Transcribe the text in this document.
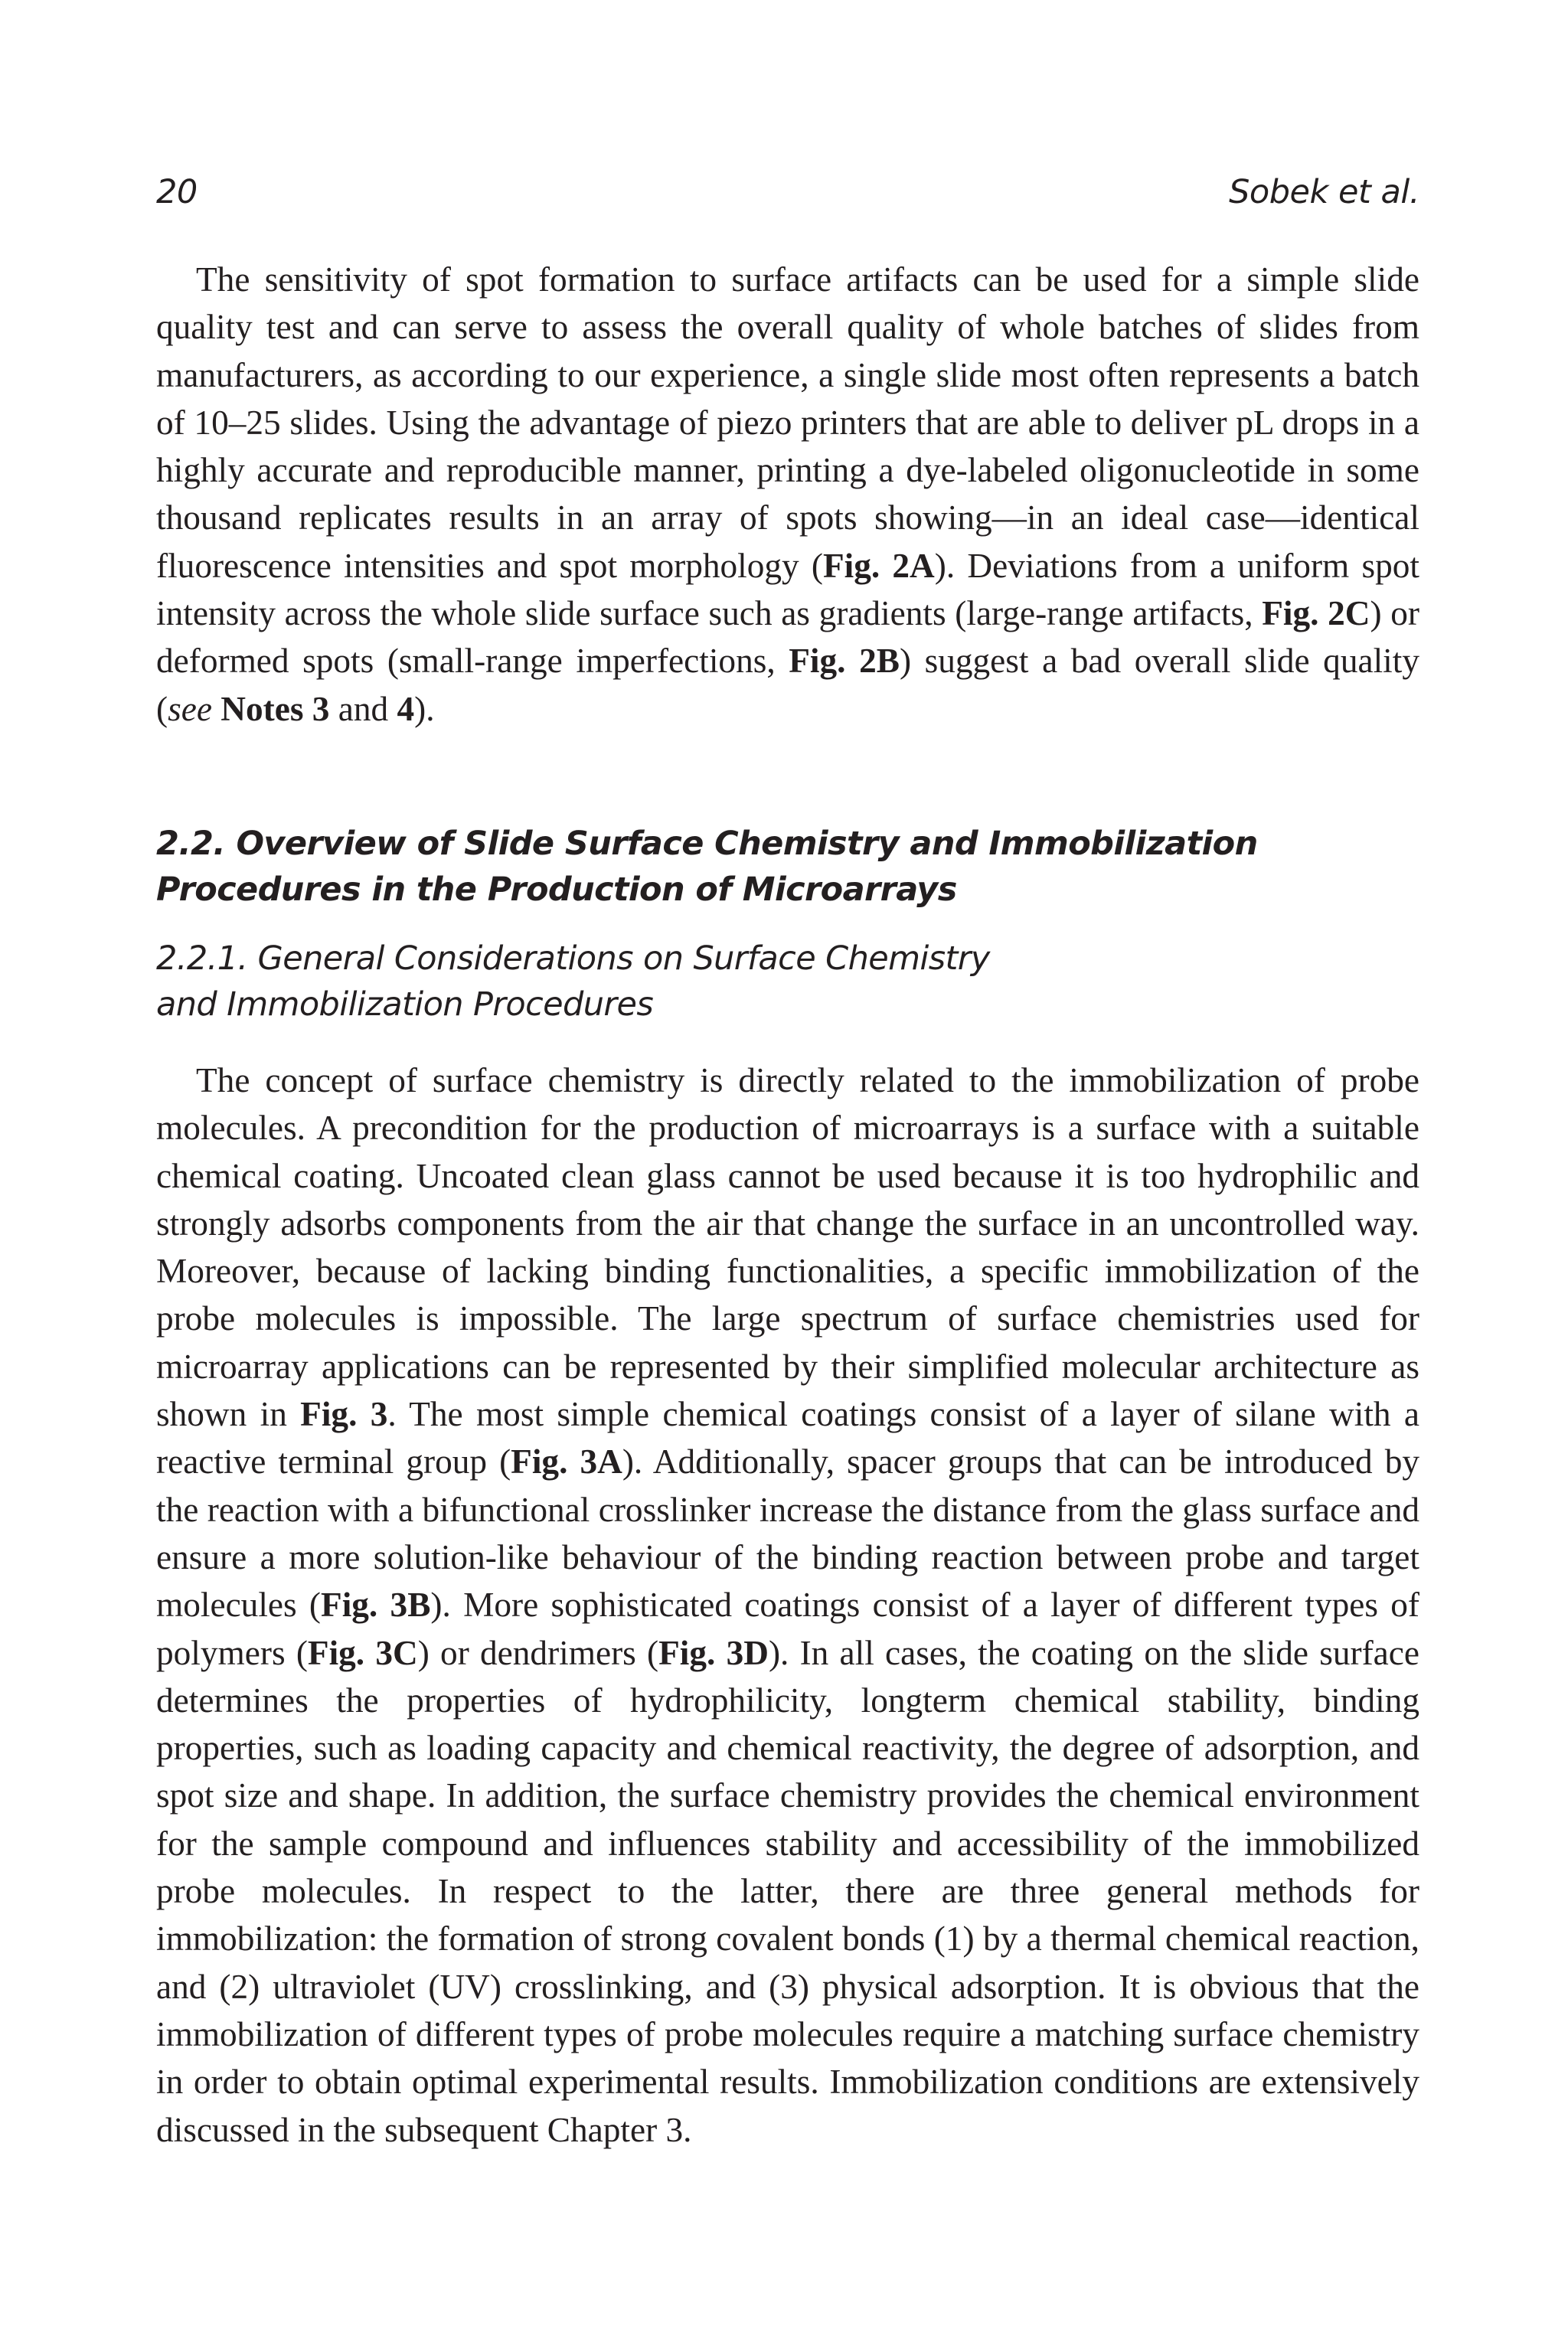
20	Sobek et al.

The sensitivity of spot formation to surface artifacts can be used for a simple slide quality test and can serve to assess the overall quality of whole batches of slides from manufacturers, as according to our experience, a single slide most often represents a batch of 10–25 slides. Using the advantage of piezo printers that are able to deliver pL drops in a highly accurate and reproducible manner, printing a dye-labeled oligonucleotide in some thousand replicates results in an array of spots showing—in an ideal case—identical fluorescence intensities and spot morphology (Fig. 2A). Deviations from a uniform spot intensity across the whole slide surface such as gradients (large-range artifacts, Fig. 2C) or deformed spots (small-range imperfections, Fig. 2B) suggest a bad overall slide quality (see Notes 3 and 4).

2.2. Overview of Slide Surface Chemistry and Immobilization
Procedures in the Production of Microarrays
2.2.1. General Considerations on Surface Chemistry
and Immobilization Procedures

The concept of surface chemistry is directly related to the immobilization of probe molecules. A precondition for the production of microarrays is a surface with a suitable chemical coating. Uncoated clean glass cannot be used because it is too hydrophilic and strongly adsorbs components from the air that change the surface in an uncontrolled way. Moreover, because of lacking binding functionalities, a specific immobilization of the probe molecules is impossible. The large spectrum of surface chemistries used for microarray applications can be represented by their simplified molecular architecture as shown in Fig. 3. The most simple chemical coatings consist of a layer of silane with a reactive terminal group (Fig. 3A). Additionally, spacer groups that can be introduced by the reaction with a bifunctional crosslinker increase the distance from the glass surface and ensure a more solution-like behaviour of the binding reaction between probe and target molecules (Fig. 3B). More sophisticated coatings consist of a layer of different types of polymers (Fig. 3C) or dendrimers (Fig. 3D). In all cases, the coating on the slide surface determines the properties of hydrophilicity, longterm chemical stability, binding properties, such as loading capacity and chemical reactivity, the degree of adsorption, and spot size and shape. In addition, the surface chemistry provides the chemical environment for the sample compound and influences stability and accessibility of the immobilized probe molecules. In respect to the latter, there are three general methods for immobilization: the formation of strong covalent bonds (1) by a thermal chemical reaction, and (2) ultraviolet (UV) crosslinking, and (3) physical adsorption. It is obvious that the immobilization of different types of probe molecules require a matching surface chemistry in order to obtain optimal experimental results. Immobilization conditions are extensively discussed in the subsequent Chapter 3.
